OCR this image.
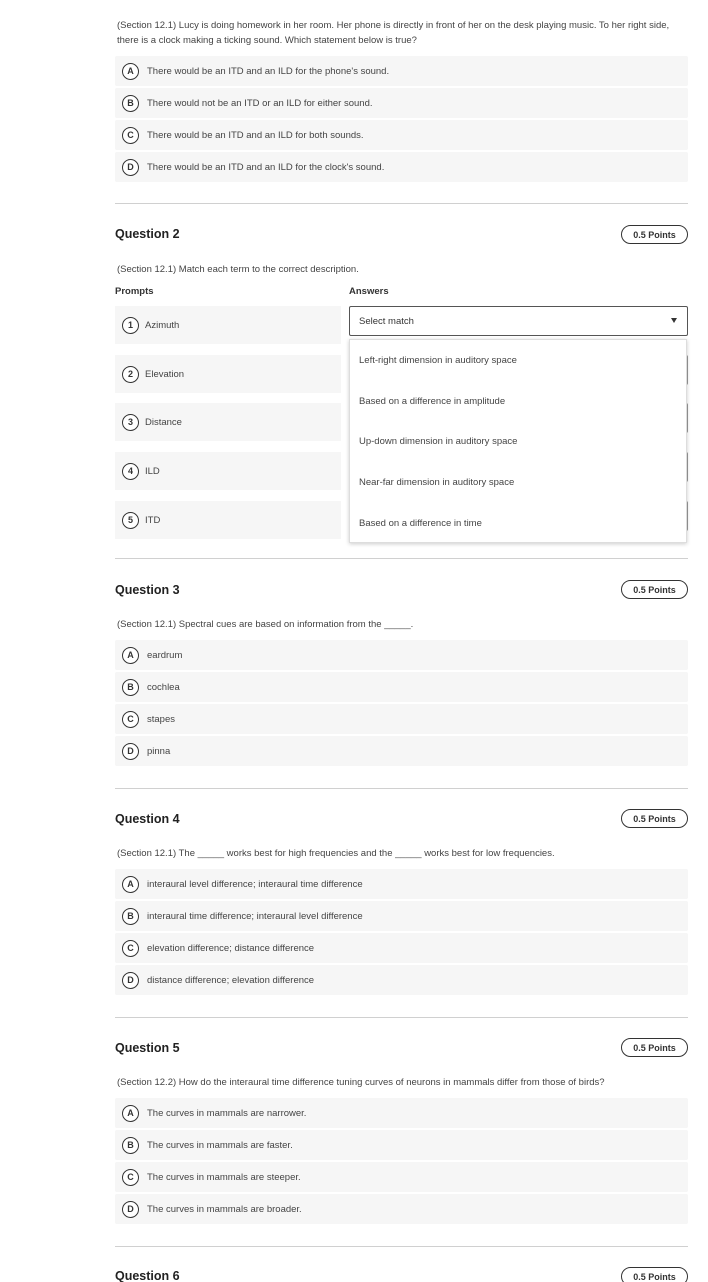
(Section 12.1) Lucy is doing homework in her room. Her phone is directly in front of her on the desk playing music. To her right side, there is a clock making a ticking sound. Which statement below is true?
A	There would be an ITD and an ILD for the phone's sound.
B	There would not be an ITD or an ILD for either sound.
C	There would be an ITD and an ILD for both sounds.
D	There would be an ITD and an ILD for the clock's sound.
Question 2	0.5 Points
(Section 12.1) Match each term to the correct description.
Prompts	Answers
1	Azimuth
2	Elevation
3	Distance
4	ILD
5	ITD
Select match
Left-right dimension in auditory space
Based on a difference in amplitude
Up-down dimension in auditory space
Near-far dimension in auditory space
Based on a difference in time
Question 3	0.5 Points
(Section 12.1) Spectral cues are based on information from the _____.
A	eardrum
B	cochlea
C	stapes
D	pinna
Question 4	0.5 Points
(Section 12.1) The _____ works best for high frequencies and the _____ works best for low frequencies.
A	interaural level difference; interaural time difference
B	interaural time difference; interaural level difference
C	elevation difference; distance difference
D	distance difference; elevation difference
Question 5	0.5 Points
(Section 12.2) How do the interaural time difference tuning curves of neurons in mammals differ from those of birds?
A	The curves in mammals are narrower.
B	The curves in mammals are faster.
C	The curves in mammals are steeper.
D	The curves in mammals are broader.
Question 6	0.5 Points
